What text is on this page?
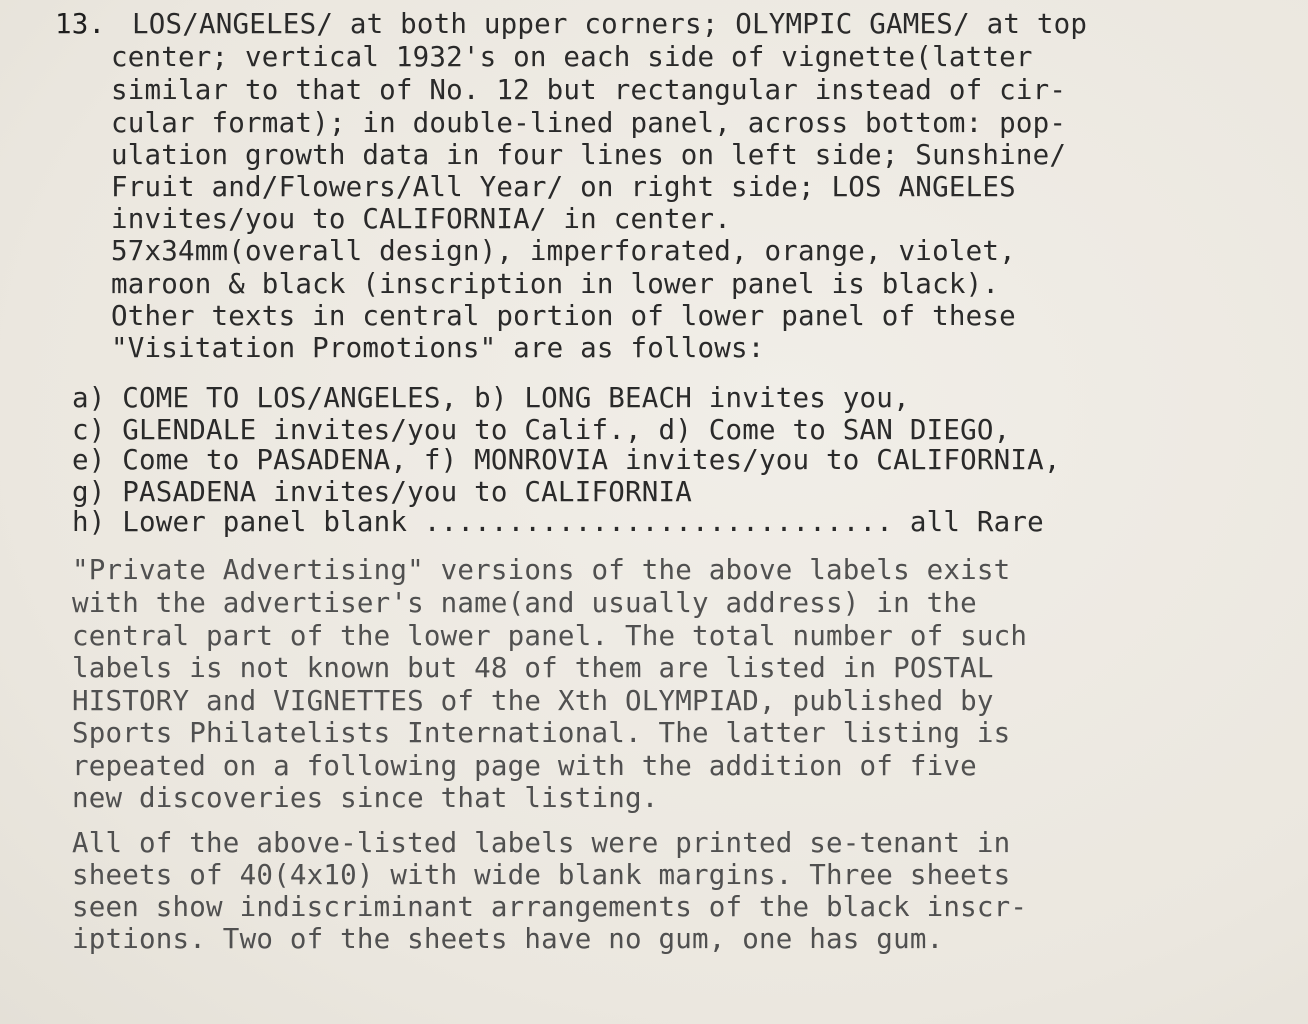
13. LOS/ANGELES/ at both upper corners; OLYMPIC GAMES/ at top
center; vertical 1932's on each side of vignette(latter
similar to that of No. 12 but rectangular instead of cir-
cular format); in double-lined panel, across bottom: pop-
ulation growth data in four lines on left side; Sunshine/
Fruit and/Flowers/All Year/ on right side; LOS ANGELES
invites/you to CALIFORNIA/ in center.
57x34mm(overall design), imperforated, orange, violet,
maroon & black (inscription in lower panel is black).
Other texts in central portion of lower panel of these
"Visitation Promotions" are as follows:
a) COME TO LOS/ANGELES, b) LONG BEACH invites you,
c) GLENDALE invites/you to Calif., d) Come to SAN DIEGO,
e) Come to PASADENA, f) MONROVIA invites/you to CALIFORNIA,
g) PASADENA invites/you to CALIFORNIA
h) Lower panel blank ............................ all Rare
"Private Advertising" versions of the above labels exist
with the advertiser's name(and usually address) in the
central part of the lower panel. The total number of such
labels is not known but 48 of them are listed in POSTAL
HISTORY and VIGNETTES of the Xth OLYMPIAD, published by
Sports Philatelists International. The latter listing is
repeated on a following page with the addition of five
new discoveries since that listing.
All of the above-listed labels were printed se-tenant in
sheets of 40(4x10) with wide blank margins. Three sheets
seen show indiscriminant arrangements of the black inscr-
iptions. Two of the sheets have no gum, one has gum.
